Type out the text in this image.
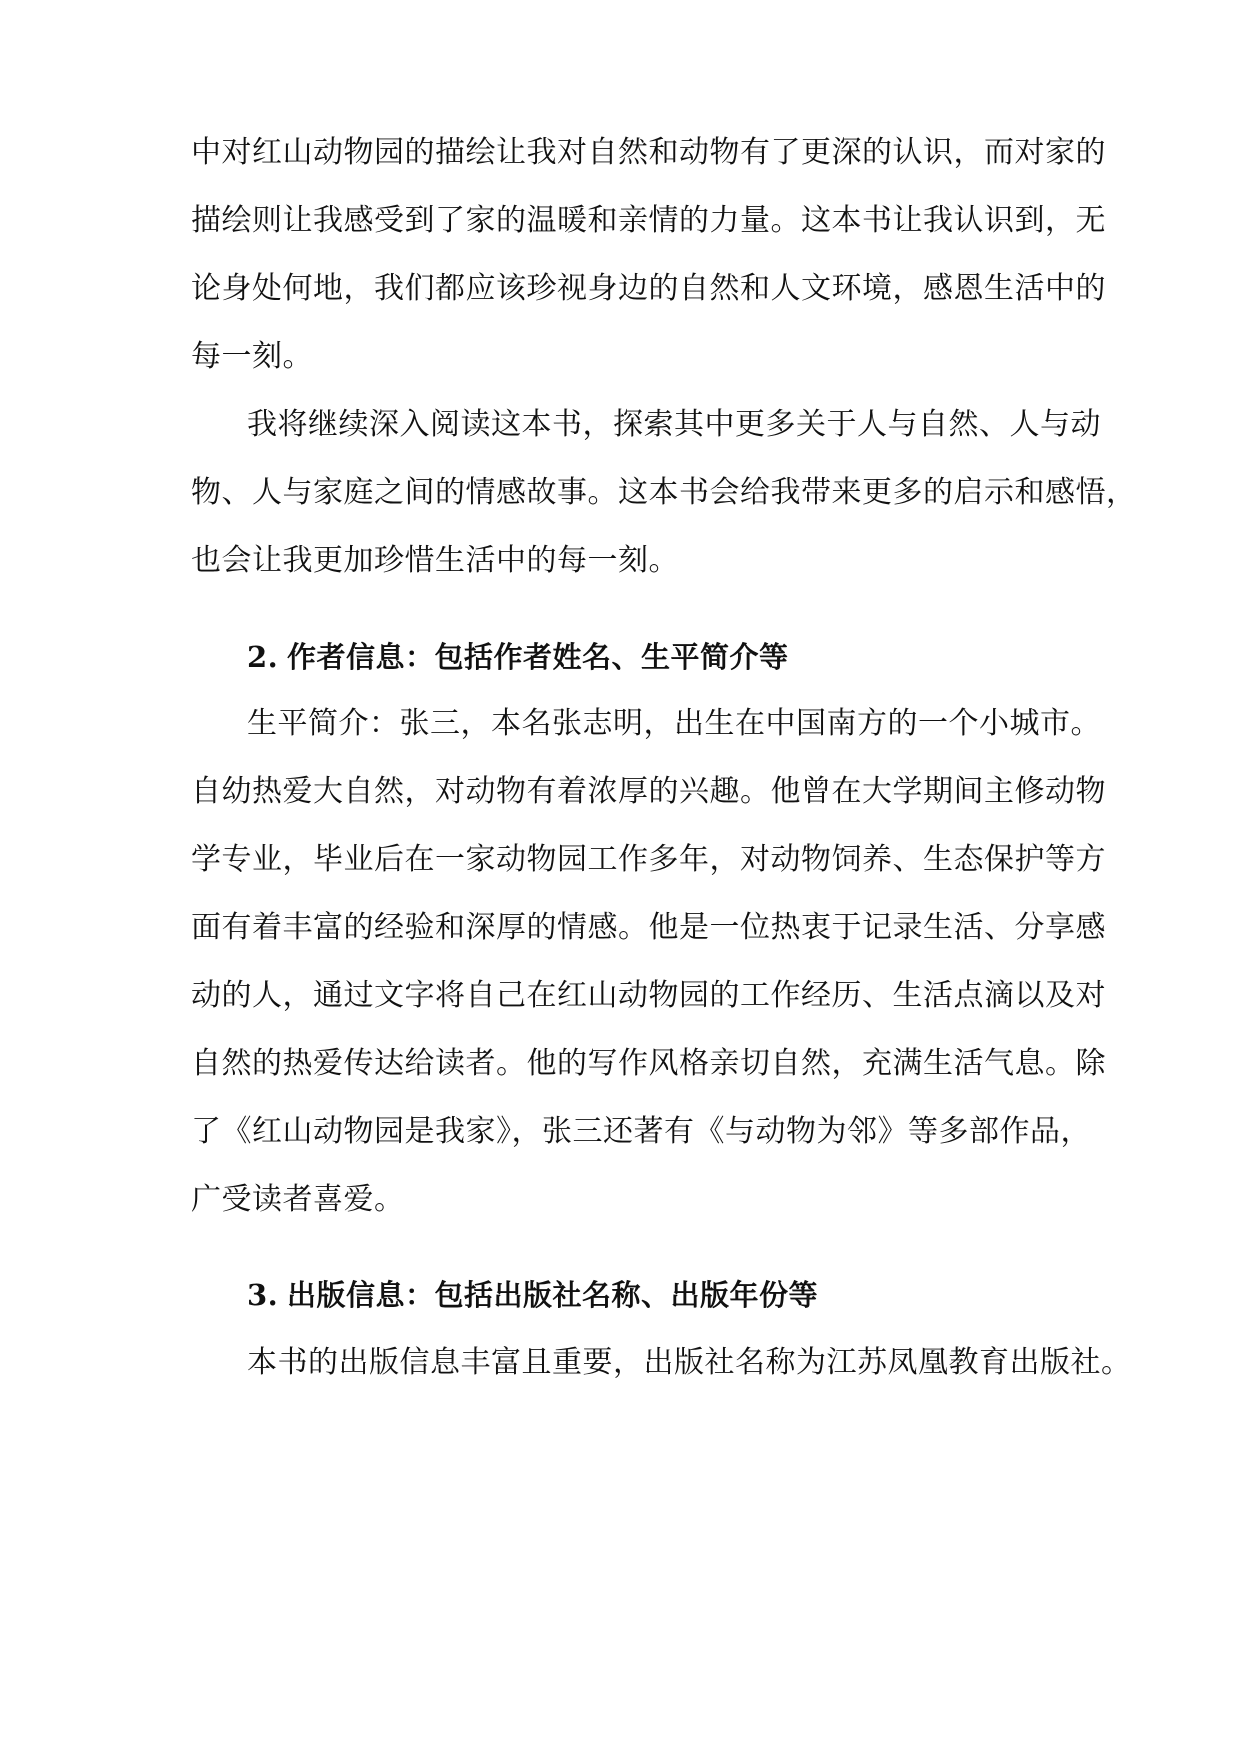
中对红山动物园的描绘让我对自然和动物有了更深的认识，而对家的
描绘则让我感受到了家的温暖和亲情的力量。这本书让我认识到，无
论身处何地，我们都应该珍视身边的自然和人文环境，感恩生活中的
每一刻。
我将继续深入阅读这本书，探索其中更多关于人与自然、人与动
物、人与家庭之间的情感故事。这本书会给我带来更多的启示和感悟，
也会让我更加珍惜生活中的每一刻。
2. 作者信息：包括作者姓名、生平简介等
生平简介：张三，本名张志明，出生在中国南方的一个小城市。
自幼热爱大自然，对动物有着浓厚的兴趣。他曾在大学期间主修动物
学专业，毕业后在一家动物园工作多年，对动物饲养、生态保护等方
面有着丰富的经验和深厚的情感。他是一位热衷于记录生活、分享感
动的人，通过文字将自己在红山动物园的工作经历、生活点滴以及对
自然的热爱传达给读者。他的写作风格亲切自然，充满生活气息。除
了《红山动物园是我家》，张三还著有《与动物为邻》等多部作品，
广受读者喜爱。
3. 出版信息：包括出版社名称、出版年份等
本书的出版信息丰富且重要，出版社名称为江苏凤凰教育出版社。
